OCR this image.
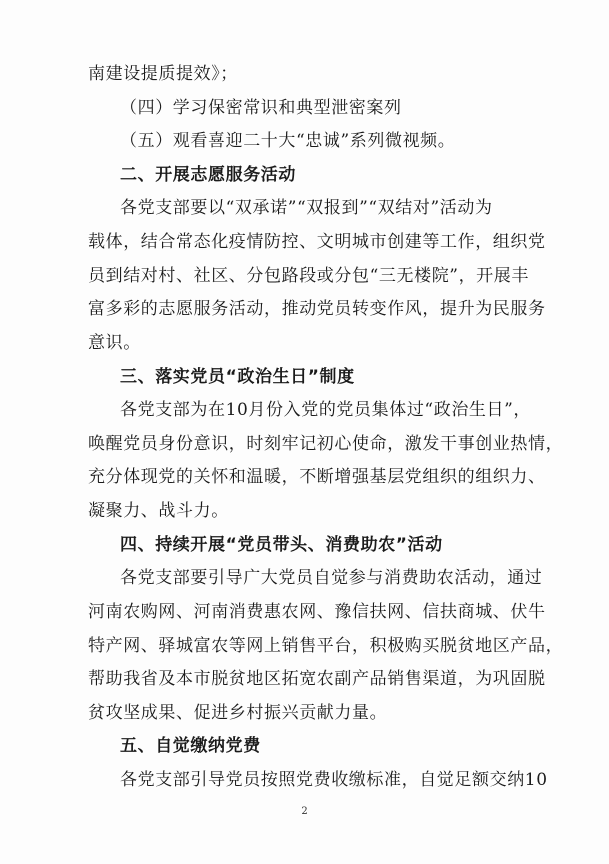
南建设提质提效》；
（四）学习保密常识和典型泄密案列
（五）观看喜迎二十大“忠诚”系列微视频。
二、开展志愿服务活动
各党支部要以“双承诺”“双报到”“双结对”活动为
载体，结合常态化疫情防控、文明城市创建等工作，组织党
员到结对村、社区、分包路段或分包“三无楼院”，开展丰
富多彩的志愿服务活动，推动党员转变作风，提升为民服务
意识。
三、落实党员“政治生日”制度
各党支部为在10月份入党的党员集体过“政治生日”，
唤醒党员身份意识，时刻牢记初心使命，激发干事创业热情，
充分体现党的关怀和温暖，不断增强基层党组织的组织力、
凝聚力、战斗力。
四、持续开展“党员带头、消费助农”活动
各党支部要引导广大党员自觉参与消费助农活动，通过
河南农购网、河南消费惠农网、豫信扶网、信扶商城、伏牛
特产网、驿城富农等网上销售平台，积极购买脱贫地区产品，
帮助我省及本市脱贫地区拓宽农副产品销售渠道，为巩固脱
贫攻坚成果、促进乡村振兴贡献力量。
五、自觉缴纳党费
各党支部引导党员按照党费收缴标准，自觉足额交纳10
2
